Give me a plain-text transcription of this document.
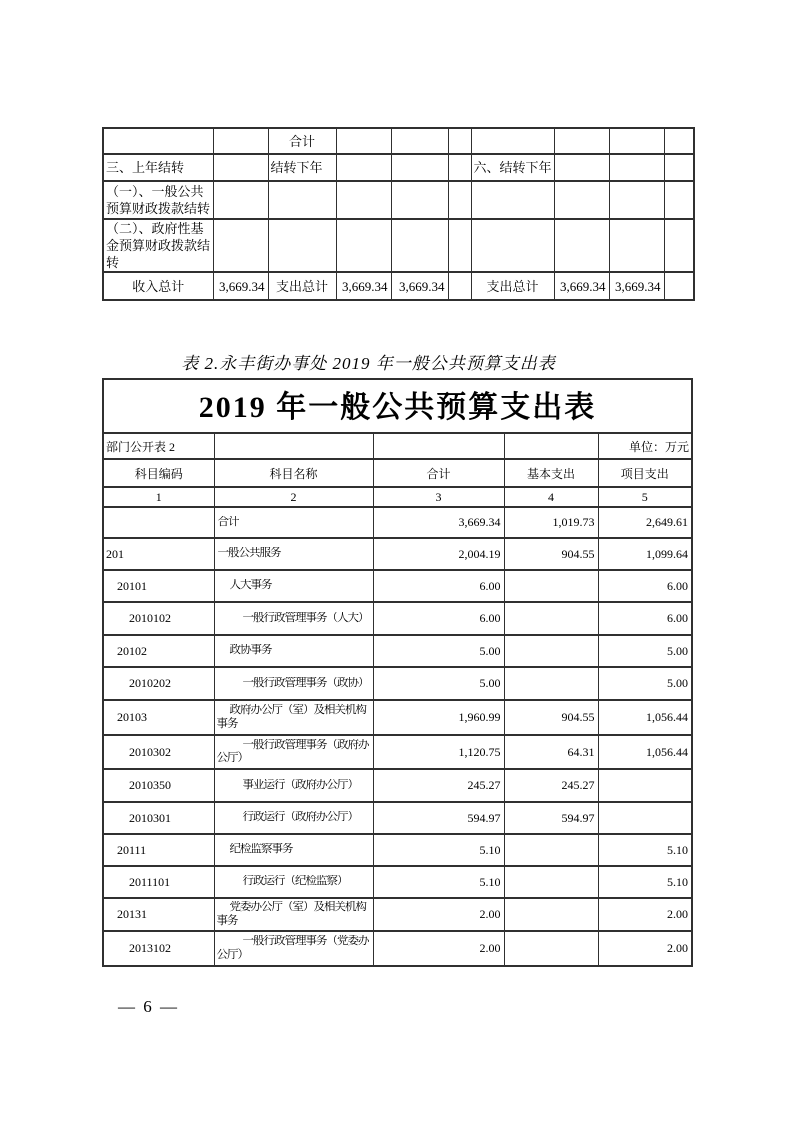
		合计							
三、上年结转		结转下年				六、结转下年			

（一）、一般公共预算财政拨款结转									

（二）、政府性基金预算财政拨款结转									

收入总计	3,669.34	支出总计	3,669.34	3,669.34		支出总计	3,669.34	3,669.34	
表 2.永丰街办事处 2019 年一般公共预算支出表
2019 年一般公共预算支出表				
部门公开表 2				单位：万元
科目编码	科目名称	合计	基本支出	项目支出
1	2	3	4	5

	合计	3,669.34	1,019.73	2,649.61
201	一般公共服务	2,004.19	904.55	1,099.64
20101	人大事务	6.00		6.00
2010102	一般行政管理事务（人大）	6.00		6.00
20102	政协事务	5.00		5.00
2010202	一般行政管理事务（政协）	5.00		5.00
20103	政府办公厅（室）及相关机构事务	1,960.99	904.55	1,056.44
2010302	一般行政管理事务（政府办公厅）	1,120.75	64.31	1,056.44
2010350	事业运行（政府办公厅）	245.27	245.27	
2010301	行政运行（政府办公厅）	594.97	594.97	
20111	纪检监察事务	5.10		5.10
2011101	行政运行（纪检监察）	5.10		5.10
20131	党委办公厅（室）及相关机构事务	2.00		2.00
2013102	一般行政管理事务（党委办公厅）	2.00		2.00
— 6 —
